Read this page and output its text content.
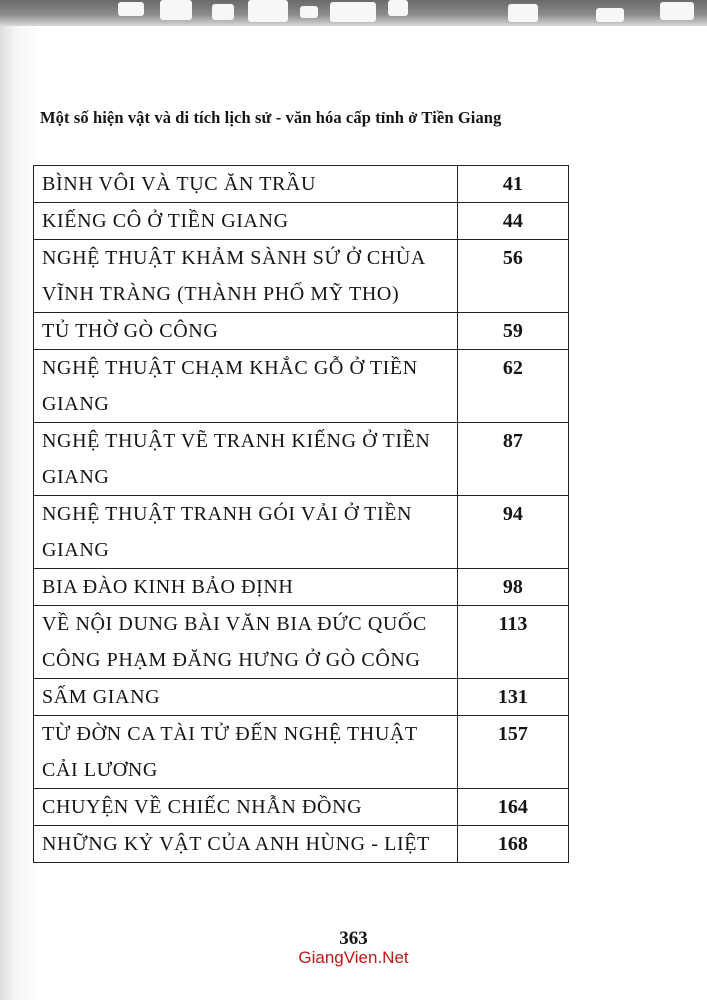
Một số hiện vật và di tích lịch sử - văn hóa cấp tỉnh ở Tiền Giang
BÌNH VÔI VÀ TỤC ĂN TRẦU	41
KIẾNG CÔ Ở TIỀN GIANG	44
NGHỆ THUẬT KHẢM SÀNH SỨ Ở CHÙA VĨNH TRÀNG (THÀNH PHỐ MỸ THO)	56
TỦ THỜ GÒ CÔNG	59
NGHỆ THUẬT CHẠM KHẮC GỖ Ở TIỀN GIANG	62
NGHỆ THUẬT VẼ TRANH KIẾNG Ở TIỀN GIANG	87
NGHỆ THUẬT TRANH GÓI VẢI Ở TIỀN GIANG	94
BIA ĐÀO KINH BẢO ĐỊNH	98
VỀ NỘI DUNG BÀI VĂN BIA ĐỨC QUỐC CÔNG PHẠM ĐĂNG HƯNG Ở GÒ CÔNG	113
SẤM GIANG	131
TỪ ĐỜN CA TÀI TỬ ĐẾN NGHỆ THUẬT CẢI LƯƠNG	157
CHUYỆN VỀ CHIẾC NHẪN ĐỒNG	164
NHỮNG KỶ VẬT CỦA ANH HÙNG - LIỆT	168
363
GiangVien.Net
